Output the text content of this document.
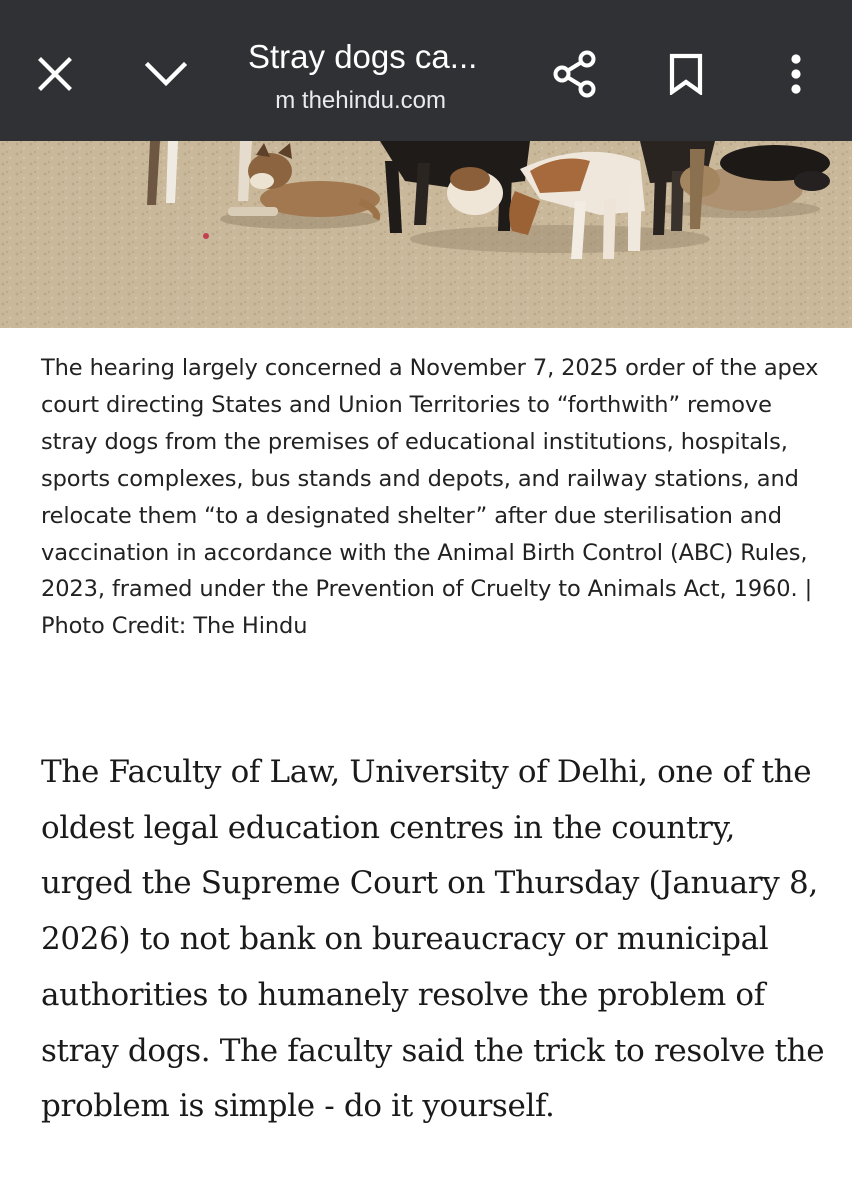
Stray dogs ca...
m thehindu.com

The hearing largely concerned a November 7, 2025 order of the apex court directing States and Union Territories to “forthwith” remove stray dogs from the premises of educational institutions, hospitals, sports complexes, bus stands and depots, and railway stations, and relocate them “to a designated shelter” after due sterilisation and vaccination in accordance with the Animal Birth Control (ABC) Rules, 2023, framed under the Prevention of Cruelty to Animals Act, 1960. | Photo Credit: The Hindu

The Faculty of Law, University of Delhi, one of the oldest legal education centres in the country, urged the Supreme Court on Thursday (January 8, 2026) to not bank on bureaucracy or municipal authorities to humanely resolve the problem of stray dogs. The faculty said the trick to resolve the problem is simple - do it yourself.
